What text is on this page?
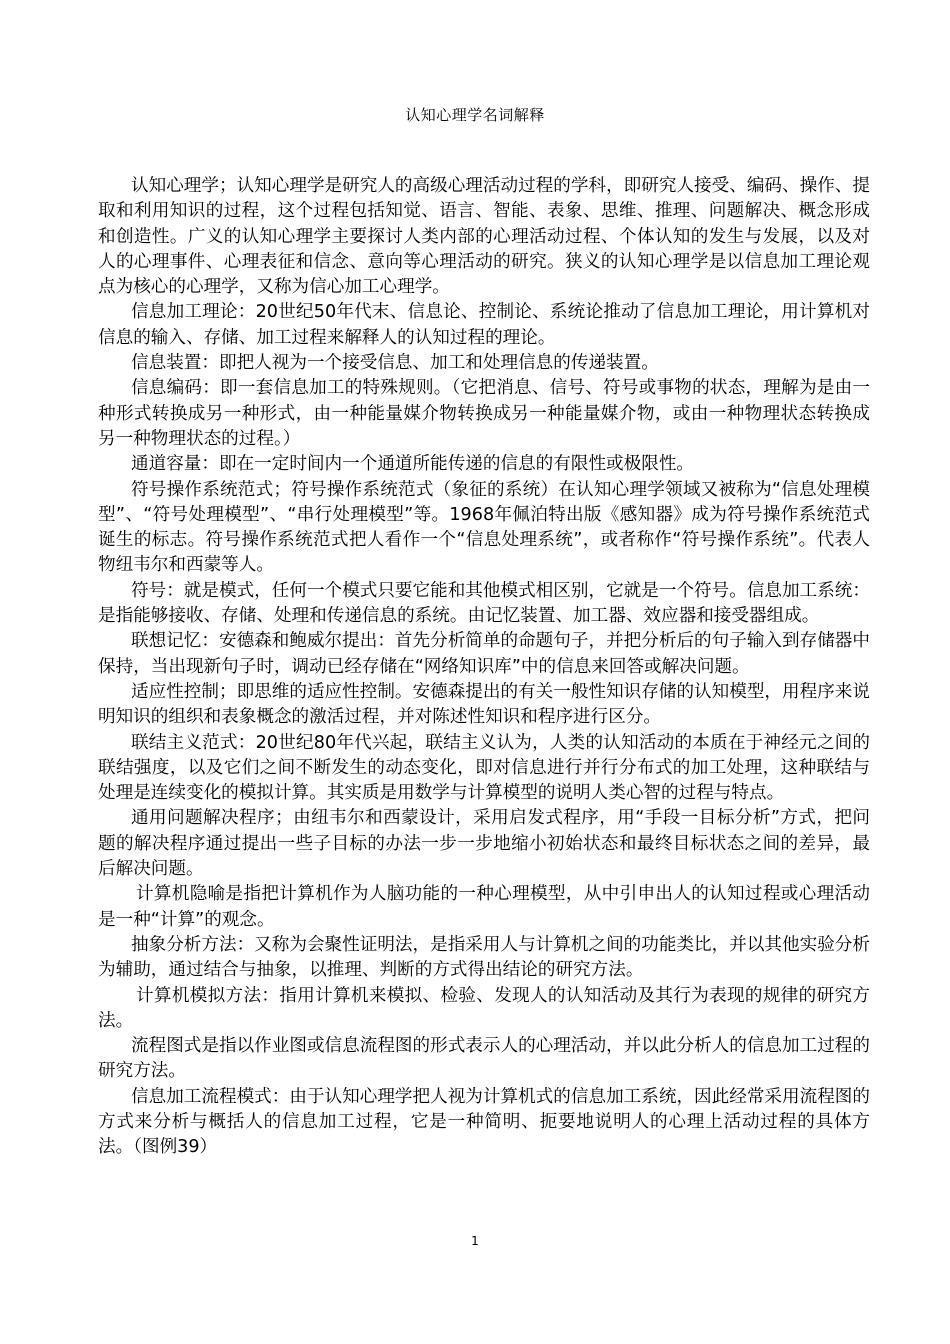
认知心理学名词解释

认知心理学；认知心理学是研究人的高级心理活动过程的学科，即研究人接受、编码、操作、提取和利用知识的过程，这个过程包括知觉、语言、智能、表象、思维、推理、问题解决、概念形成和创造性。广义的认知心理学主要探讨人类内部的心理活动过程、个体认知的发生与发展，以及对人的心理事件、心理表征和信念、意向等心理活动的研究。狭义的认知心理学是以信息加工理论观点为核心的心理学，又称为信心加工心理学。

信息加工理论：20世纪50年代末、信息论、控制论、系统论推动了信息加工理论，用计算机对信息的输入、存储、加工过程来解释人的认知过程的理论。

信息装置：即把人视为一个接受信息、加工和处理信息的传递装置。

信息编码：即一套信息加工的特殊规则。（它把消息、信号、符号或事物的状态，理解为是由一种形式转换成另一种形式，由一种能量媒介物转换成另一种能量媒介物，或由一种物理状态转换成另一种物理状态的过程。）

通道容量：即在一定时间内一个通道所能传递的信息的有限性或极限性。

符号操作系统范式；符号操作系统范式（象征的系统）在认知心理学领域又被称为“信息处理模型”、“符号处理模型”、“串行处理模型”等。1968年佩泊特出版《感知器》成为符号操作系统范式诞生的标志。符号操作系统范式把人看作一个“信息处理系统”，或者称作“符号操作系统”。代表人物纽韦尔和西蒙等人。

符号：就是模式，任何一个模式只要它能和其他模式相区别，它就是一个符号。信息加工系统：是指能够接收、存储、处理和传递信息的系统。由记忆装置、加工器、效应器和接受器组成。

联想记忆：安德森和鲍威尔提出：首先分析简单的命题句子，并把分析后的句子输入到存储器中保持，当出现新句子时，调动已经存储在“网络知识库”中的信息来回答或解决问题。

适应性控制；即思维的适应性控制。安德森提出的有关一般性知识存储的认知模型，用程序来说明知识的组织和表象概念的激活过程，并对陈述性知识和程序进行区分。

联结主义范式：20世纪80年代兴起，联结主义认为，人类的认知活动的本质在于神经元之间的联结强度，以及它们之间不断发生的动态变化，即对信息进行并行分布式的加工处理，这种联结与处理是连续变化的模拟计算。其实质是用数学与计算模型的说明人类心智的过程与特点。

通用问题解决程序；由纽韦尔和西蒙设计，采用启发式程序，用“手段一目标分析”方式，把问题的解决程序通过提出一些子目标的办法一步一步地缩小初始状态和最终目标状态之间的差异，最后解决问题。

计算机隐喻是指把计算机作为人脑功能的一种心理模型，从中引申出人的认知过程或心理活动是一种“计算”的观念。

抽象分析方法：又称为会聚性证明法，是指采用人与计算机之间的功能类比，并以其他实验分析为辅助，通过结合与抽象，以推理、判断的方式得出结论的研究方法。

计算机模拟方法：指用计算机来模拟、检验、发现人的认知活动及其行为表现的规律的研究方法。

流程图式是指以作业图或信息流程图的形式表示人的心理活动，并以此分析人的信息加工过程的研究方法。

信息加工流程模式：由于认知心理学把人视为计算机式的信息加工系统，因此经常采用流程图的方式来分析与概括人的信息加工过程，它是一种简明、扼要地说明人的心理上活动过程的具体方法。（图例39）

1
